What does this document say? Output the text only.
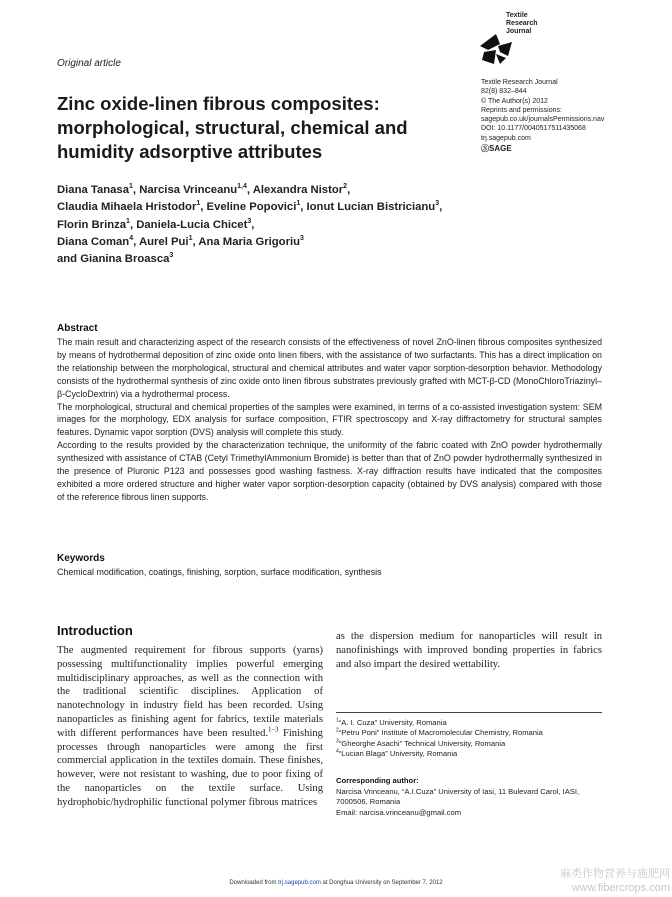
Original article
Textile
Research
Journal
Textile Research Journal
82(8) 832–844
© The Author(s) 2012
Reprints and permissions:
sagepub.co.uk/journalsPermissions.nav
DOI: 10.1177/0040517511435068
trj.sagepub.com
ⓈSAGE
Zinc oxide-linen fibrous composites: morphological, structural, chemical and humidity adsorptive attributes
Diana Tanasa$^1$, Narcisa Vrinceanu$^{1,4}$, Alexandra Nistor$^2$,
Claudia Mihaela Hristodor$^1$, Eveline Popovici$^1$, Ionut Lucian Bistricianu$^3$, Florin Brinza$^1$, Daniela-Lucia Chicet$^3$,
Diana Coman$^4$, Aurel Pui$^1$, Ana Maria Grigoriu$^3$
and Gianina Broasca$^3$
Abstract

The main result and characterizing aspect of the research consists of the effectiveness of novel ZnO-linen fibrous composites synthesized by means of hydrothermal deposition of zinc oxide onto linen fibers, with the assistance of two surfactants. This has a direct implication on the relationship between the morphological, structural and chemical attributes and water vapor sorption-desorption behavior. Methodology consists of the hydrothermal synthesis of zinc oxide onto linen fibrous substrates previously grafted with MCT-β-CD (MonoChloroTriazinyl–β-CycloDextrin) via a hydrothermal process.

The morphological, structural and chemical properties of the samples were examined, in terms of a co-assisted investigation system: SEM images for the morphology, EDX analysis for surface composition, FTIR spectroscopy and X-ray diffractometry for structural samples features. Dynamic vapor sorption (DVS) analysis will complete this study.

According to the results provided by the characterization technique, the uniformity of the fabric coated with ZnO powder hydrothermally synthesized with assistance of CTAB (Cetyl TrimethylAmmonium Bromide) is better than that of ZnO powder hydrothermally synthesized in the presence of Pluronic P123 and possesses good washing fastness. X-ray diffraction results have indicated that the composites exhibited a more ordered structure and higher water vapor sorption-desorption capacity (obtained by DVS analysis) compared with those of the reference fibrous linen supports.

Keywords
Chemical modification, coatings, finishing, sorption, surface modification, synthesis
Introduction
The augmented requirement for fibrous supports (yarns) possessing multifunctionality implies powerful emerging multidisciplinary approaches, as well as the connection with the traditional scientific disciplines. Application of nanotechnology in industry field has been recorded. Using nanoparticles as finishing agent for fabrics, textile materials with different performances have been resulted.$^{1-3}$ Finishing processes through nanoparticles were among the first commercial application in the textiles domain. These finishes, however, were not resistant to washing, due to poor fixing of the nanoparticles on the textile surface. Using hydrophobic/hydrophilic functional polymer fibrous matrices
as the dispersion medium for nanoparticles will result in nanofinishings with improved bonding properties in fabrics and also impart the desired wettability.
$^1$“A. I. Cuza” University, Romania
$^2$“Petru Poni” Institute of Macromolecular Chemistry, Romania
$^3$“Gheorghe Asachi” Technical University, Romania
$^4$“Lucian Blaga” University, Romania
Corresponding author:
Narcisa Vrinceanu, “A.I.Cuza” University of Iasi, 11 Bulevard Carol, IASI,
7000506, Romania
Email: narcisa.vrinceanu@gmail.com
Downloaded from trj.sagepub.com at Donghua University on September 7, 2012
麻类作物营养与施肥网
www.fibercrops.com
